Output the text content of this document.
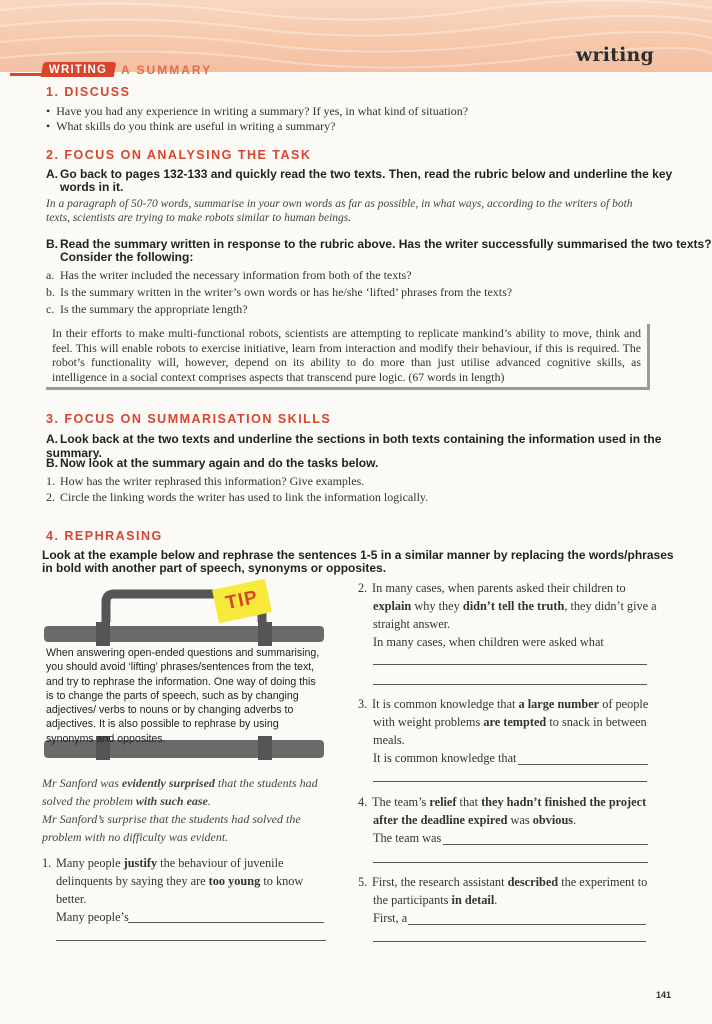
writing
WRITING	A SUMMARY
1. DISCUSS
•  Have you had any experience in writing a summary? If yes, in what kind of situation?
•  What skills do you think are useful in writing a summary?
2. FOCUS ON ANALYSING THE TASK
A. Go back to pages 132-133 and quickly read the two texts. Then, read the rubric below and underline the key
words in it.
In a paragraph of 50-70 words, summarise in your own words as far as possible, in what ways, according to the writers of both
texts, scientists are trying to make robots similar to human beings.
B. Read the summary written in response to the rubric above. Has the writer successfully summarised the two texts?
Consider the following:
a. Has the writer included the necessary information from both of the texts?
b. Is the summary written in the writer’s own words or has he/she ‘lifted’ phrases from the texts?
c. Is the summary the appropriate length?
In their efforts to make multi-functional robots, scientists are attempting to replicate mankind’s ability to move, think and feel. This will enable robots to exercise initiative, learn from interaction and modify their behaviour, if this is required. The robot’s functionality will, however, depend on its ability to do more than just utilise advanced cognitive skills, as intelligence in a social context comprises aspects that transcend pure logic. (67 words in length)
3. FOCUS ON SUMMARISATION SKILLS
A. Look back at the two texts and underline the sections in both texts containing the information used in the summary.
B. Now look at the summary again and do the tasks below.
1. How has the writer rephrased this information? Give examples.
2. Circle the linking words the writer has used to link the information logically.
4. REPHRASING
Look at the example below and rephrase the sentences 1-5 in a similar manner by replacing the words/phrases
in bold with another part of speech, synonyms or opposites.
TIP
When answering open-ended questions and summarising, you should avoid ‘lifting’ phrases/sentences from the text, and try to rephrase the information. One way of doing this is to change the parts of speech, such as by changing adjectives/ verbs to nouns or by changing adverbs to adjectives. It is also possible to rephrase by using synonyms and opposites.
Mr Sanford was evidently surprised that the students had
solved the problem with such ease.
Mr Sanford’s surprise that the students had solved the
problem with no difficulty was evident.
1. Many people justify the behaviour of juvenile
delinquents by saying they are too young to know
better.
Many people’s
2. In many cases, when parents asked their children to
explain why they didn’t tell the truth, they didn’t give a
straight answer.
In many cases, when children were asked what
3. It is common knowledge that a large number of people
with weight problems are tempted to snack in between
meals.
It is common knowledge that
4. The team’s relief that they hadn’t finished the project
after the deadline expired was obvious.
The team was
5. First, the research assistant described the experiment to
the participants in detail.
First, a
141
